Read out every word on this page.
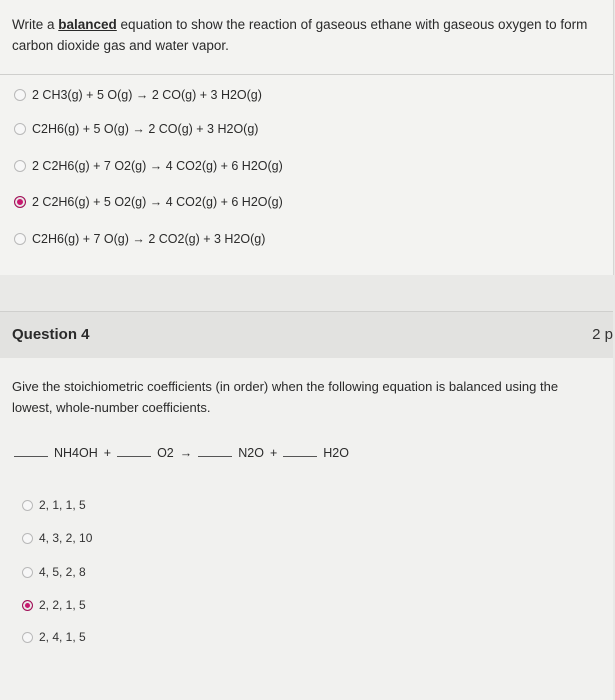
Write a balanced equation to show the reaction of gaseous ethane with gaseous oxygen to form carbon dioxide gas and water vapor.
2 CH3(g) + 5 O(g) → 2 CO(g) + 3 H2O(g)
C2H6(g) + 5 O(g) → 2 CO(g) + 3 H2O(g)
2 C2H6(g) + 7 O2(g) → 4 CO2(g) + 6 H2O(g)
2 C2H6(g) + 5 O2(g) → 4 CO2(g) + 6 H2O(g)
C2H6(g) + 7 O(g) → 2 CO2(g) + 3 H2O(g)
Question 4	2 p
Give the stoichiometric coefficients (in order) when the following equation is balanced using the lowest, whole-number coefficients.
NH4OH +	O2 →	N2O +	H2O
2, 1, 1, 5
4, 3, 2, 10
4, 5, 2, 8
2, 2, 1, 5
2, 4, 1, 5
